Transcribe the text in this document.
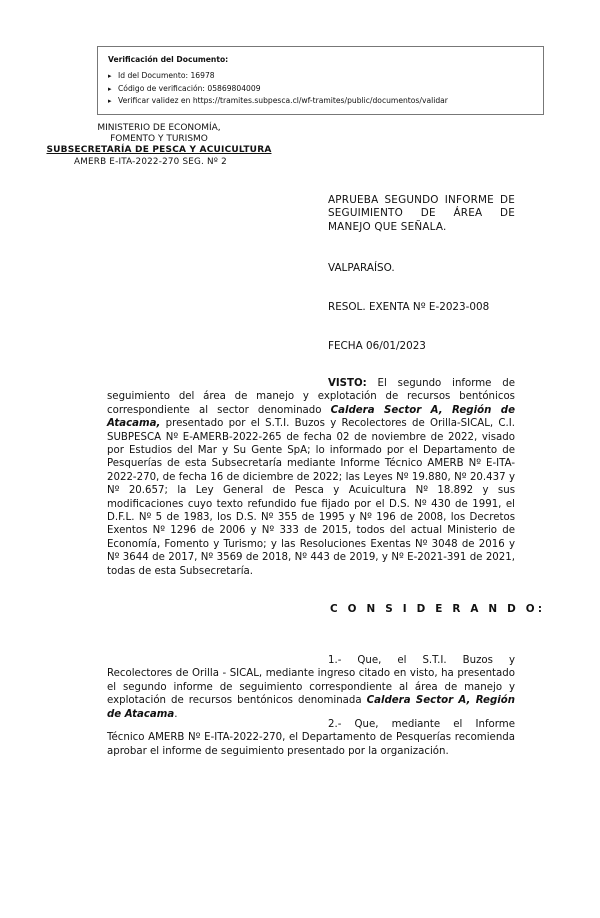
Verificación del Documento:
▸ Id del Documento: 16978
▸ Código de verificación: 05869804009
▸ Verificar validez en https://tramites.subpesca.cl/wf-tramites/public/documentos/validar
MINISTERIO DE ECONOMÍA,
FOMENTO Y TURISMO
SUBSECRETARÍA DE PESCA Y ACUICULTURA
AMERB E-ITA-2022-270 SEG. Nº 2
APRUEBA SEGUNDO INFORME DE SEGUIMIENTO DE ÁREA DE MANEJO QUE SEÑALA.
VALPARAÍSO.
RESOL. EXENTA Nº E-2023-008
FECHA 06/01/2023
VISTO: El segundo informe de seguimiento del área de manejo y explotación de recursos bentónicos correspondiente al sector denominado Caldera Sector A, Región de Atacama, presentado por el S.T.I. Buzos y Recolectores de Orilla-SICAL, C.I. SUBPESCA Nº E-AMERB-2022-265 de fecha 02 de noviembre de 2022, visado por Estudios del Mar y Su Gente SpA; lo informado por el Departamento de Pesquerías de esta Subsecretaría mediante Informe Técnico AMERB Nº E-ITA-2022-270, de fecha 16 de diciembre de 2022; las Leyes Nº 19.880, Nº 20.437 y Nº 20.657; la Ley General de Pesca y Acuicultura Nº 18.892 y sus modificaciones cuyo texto refundido fue fijado por el D.S. Nº 430 de 1991, el D.F.L. Nº 5 de 1983, los D.S. Nº 355 de 1995 y Nº 196 de 2008, los Decretos Exentos Nº 1296 de 2006 y Nº 333 de 2015, todos del actual Ministerio de Economía, Fomento y Turismo; y las Resoluciones Exentas Nº 3048 de 2016 y Nº 3644 de 2017, Nº 3569 de 2018, Nº 443 de 2019, y Nº E-2021-391 de 2021, todas de esta Subsecretaría.
C O N S I D E R A N D O:
1.- Que, el S.T.I. Buzos y Recolectores de Orilla - SICAL, mediante ingreso citado en visto, ha presentado el segundo informe de seguimiento correspondiente al área de manejo y explotación de recursos bentónicos denominada Caldera Sector A, Región de Atacama.
2.- Que, mediante el Informe Técnico AMERB Nº E-ITA-2022-270, el Departamento de Pesquerías recomienda aprobar el informe de seguimiento presentado por la organización.
